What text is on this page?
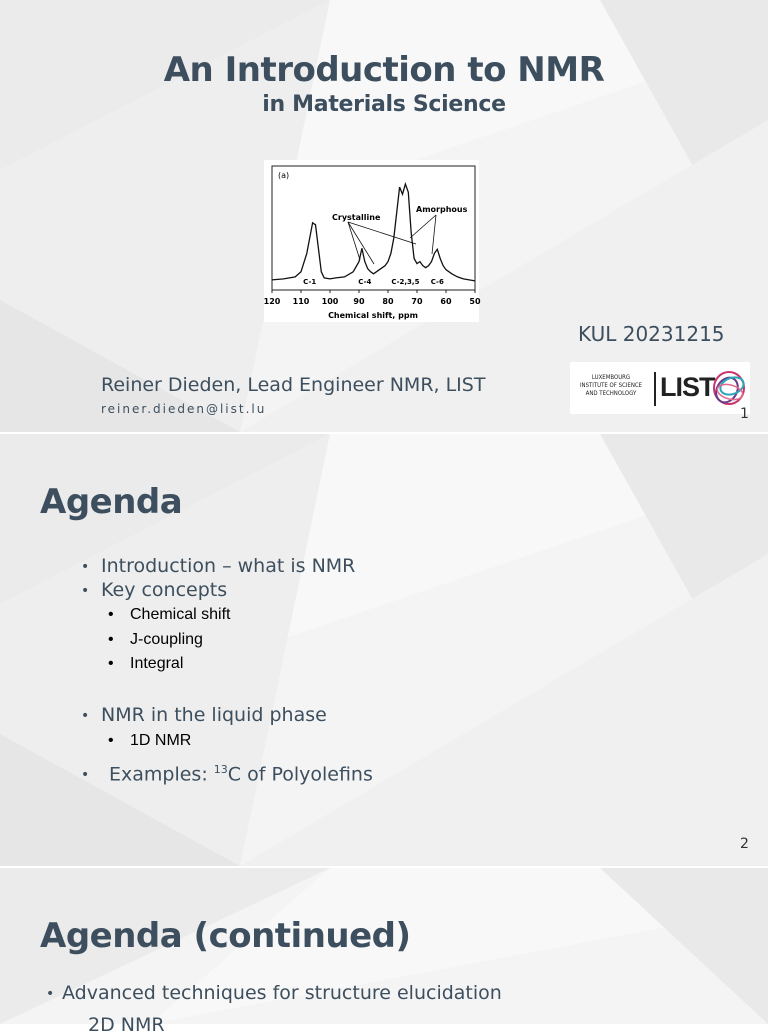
An Introduction to NMR
in Materials Science
(a)
C-1	C-4	C-2,3,5 C-6
120 110 100 90 80 70 60 50
Chemical shift, ppm
Crystalline
Amorphous
KUL 20231215
Reiner Dieden, Lead Engineer NMR, LIST
reiner.dieden@list.lu
LUXEMBOURG
INSTITUTE OF SCIENCE
AND TECHNOLOGY LIST
1
Agenda
• Introduction – what is NMR
• Key concepts
• Chemical shift
• J-coupling
• Integral
• NMR in the liquid phase
• 1D NMR
• Examples: $^{13}$C of Polyolefins
2
Agenda (continued)
• Advanced techniques for structure elucidation
2D NMR
